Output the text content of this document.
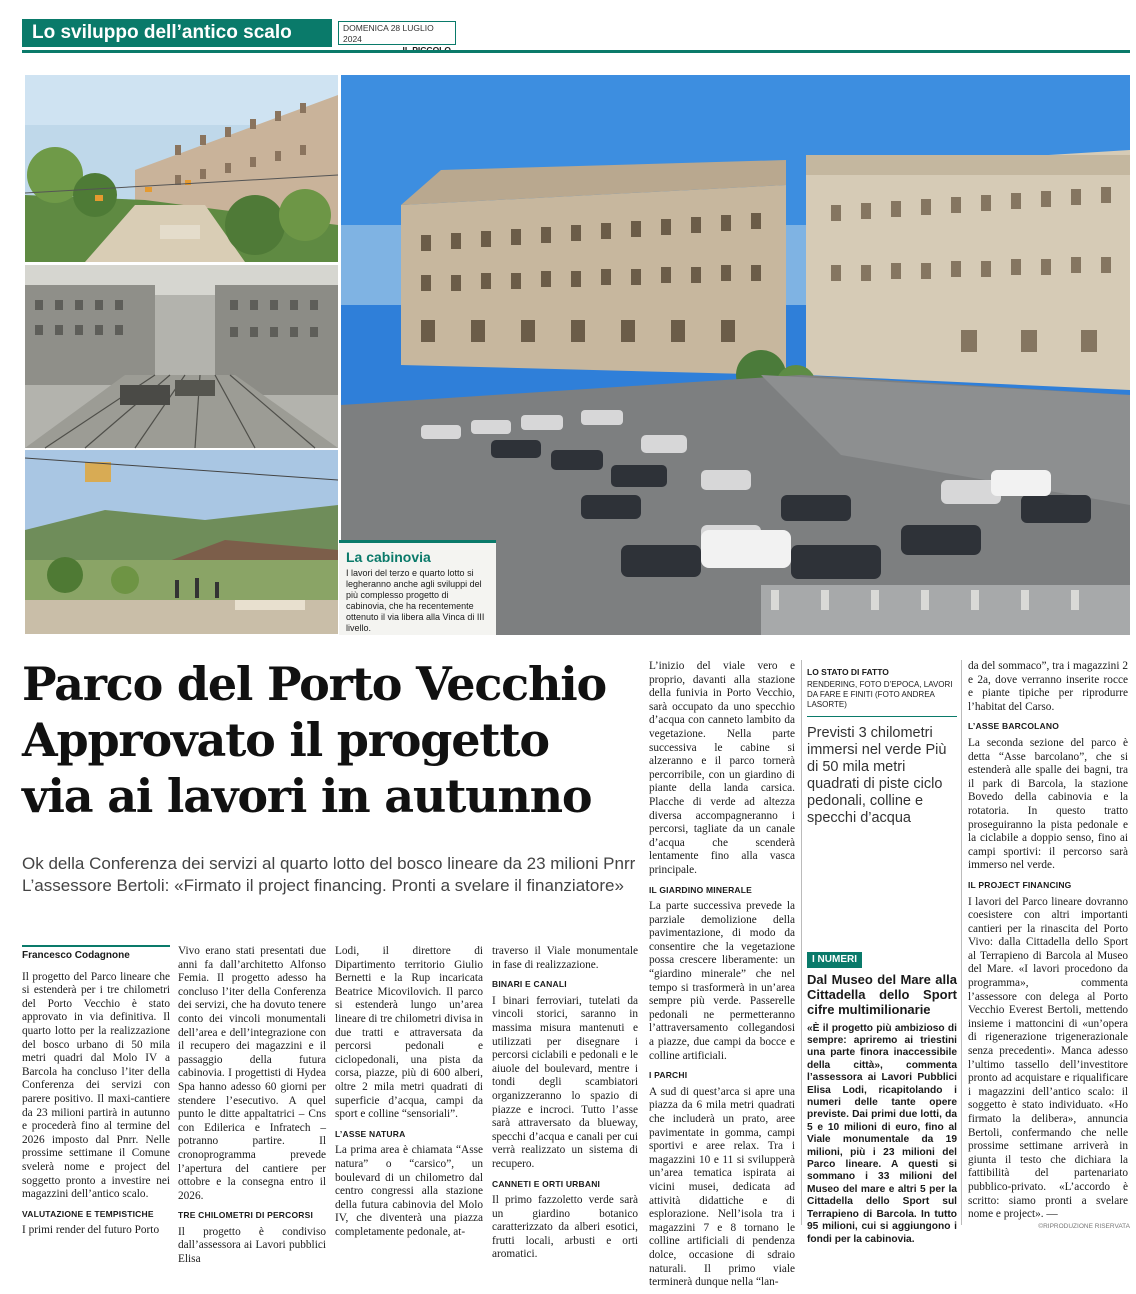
Lo sviluppo dell’antico scalo	DOMENICA 28 LUGLIO 2024
La cabinovia
I lavori del terzo e quarto lotto si legheranno anche agli sviluppi del più complesso progetto di cabinovia, che ha recentemente ottenuto il via libera alla Vinca di III livello.
Parco del Porto Vecchio
Approvato il progetto
via ai lavori in autunno
Ok della Conferenza dei servizi al quarto lotto del bosco lineare da 23 milioni Pnrr
L’assessore Bertoli: «Firmato il project financing. Pronti a svelare il finanziatore»
Francesco Codagnone

Il progetto del Parco lineare che si estenderà per i tre chilometri del Porto Vecchio è stato approvato in via definitiva. Il quarto lotto per la realizzazione del bosco urbano di 50 mila metri quadri dal Molo IV a Barcola ha concluso l’iter della Conferenza dei servizi con parere positivo. Il maxi-cantiere da 23 milioni partirà in autunno e procederà fino al termine del 2026 imposto dal Pnrr. Nelle prossime settimane il Comune svelerà nome e project del soggetto pronto a investire nei magazzini dell’antico scalo.

VALUTAZIONE E TEMPISTICHE

I primi render del futuro Porto

Vivo erano stati presentati due anni fa dall’architetto Alfonso Femia. Il progetto adesso ha concluso l’iter della Conferenza dei servizi, che ha dovuto tenere conto dei vincoli monumentali dell’area e dell’integrazione con il recupero dei magazzini e il passaggio della futura cabinovia. I progettisti di Hydea Spa hanno adesso 60 giorni per stendere l’esecutivo. A quel punto le ditte appaltatrici – Cns con Edilerica e Infratech – potranno partire. Il cronoprogramma prevede l’apertura del cantiere per ottobre e la consegna entro il 2026.

TRE CHILOMETRI DI PERCORSI

Il progetto è condiviso dall’assessora ai Lavori pubblici Elisa

Lodi, il direttore di Dipartimento territorio Giulio Bernetti e la Rup incaricata Beatrice Micovilovich. Il parco si estenderà lungo un’area lineare di tre chilometri divisa in due tratti e attraversata da percorsi pedonali e ciclopedonali, una pista da corsa, piazze, più di 600 alberi, oltre 2 mila metri quadrati di superficie d’acqua, campi da sport e colline “sensoriali”.

L’ASSE NATURA

La prima area è chiamata “Asse natura” o “carsico”, un boulevard di un chilometro dal centro congressi alla stazione della futura cabinovia del Molo IV, che diventerà una piazza completamente pedonale, at-

traverso il Viale monumentale in fase di realizzazione.

BINARI E CANALI

I binari ferroviari, tutelati da vincoli storici, saranno in massima misura mantenuti e utilizzati per disegnare i percorsi ciclabili e pedonali e le aiuole del boulevard, mentre i tondi degli scambiatori organizzeranno lo spazio di piazze e incroci. Tutto l’asse sarà attraversato da blueway, specchi d’acqua e canali per cui verrà realizzato un sistema di recupero.

CANNETI E ORTI URBANI

Il primo fazzoletto verde sarà un giardino botanico caratterizzato da alberi esotici, frutti locali, arbusti e orti aromatici.

L’inizio del viale vero e proprio, davanti alla stazione della funivia in Porto Vecchio, sarà occupato da uno specchio d’acqua con canneto lambito da vegetazione. Nella parte successiva le cabine si alzeranno e il parco tornerà percorribile, con un giardino di piante della landa carsica. Placche di verde ad altezza diversa accompagneranno i percorsi, tagliate da un canale d’acqua che scenderà lentamente fino alla vasca principale.

IL GIARDINO MINERALE

La parte successiva prevede la parziale demolizione della pavimentazione, di modo da consentire che la vegetazione possa crescere liberamente: un “giardino minerale” che nel tempo si trasformerà in un’area sempre più verde. Passerelle pedonali ne permetteranno l’attraversamento collegandosi a piazze, due campi da bocce e colline artificiali.

I PARCHI

A sud di quest’arca si apre una piazza da 6 mila metri quadrati che includerà un prato, aree pavimentate in gomma, campi sportivi e aree relax. Tra i magazzini 10 e 11 si svilupperà un’area tematica ispirata ai vicini musei, dedicata ad attività didattiche e di esplorazione. Nell’isola tra i magazzini 7 e 8 tornano le colline artificiali di pendenza dolce, occasione di sdraio naturali. Il primo viale terminerà dunque nella “lan-

LO STATO DI FATTO
RENDERING, FOTO D’EPOCA, LAVORI DA FARE E FINITI (FOTO ANDREA LASORTE)
Previsti 3 chilometri immersi nel verde Più di 50 mila metri quadrati di piste ciclo pedonali, colline e specchi d’acqua
I NUMERI
Dal Museo del Mare alla Cittadella dello Sport cifre multimilionarie
«È il progetto più ambizioso di sempre: apriremo ai triestini una parte finora inaccessibile della città», commenta l’assessora ai Lavori Pubblici Elisa Lodi, ricapitolando i numeri delle tante opere previste. Dai primi due lotti, da 5 e 10 milioni di euro, fino al Viale monumentale da 19 milioni, più i 23 milioni del Parco lineare. A questi si sommano i 33 milioni del Museo del mare e altri 5 per la Cittadella dello Sport sul Terrapieno di Barcola. In tutto 95 milioni, cui si aggiungono i fondi per la cabinovia.

da del sommaco”, tra i magazzini 2 e 2a, dove verranno inserite rocce e piante tipiche per riprodurre l’habitat del Carso.

L’ASSE BARCOLANO

La seconda sezione del parco è detta “Asse barcolano”, che si estenderà alle spalle dei bagni, tra il park di Barcola, la stazione Bovedo della cabinovia e la rotatoria. In questo tratto proseguiranno la pista pedonale e la ciclabile a doppio senso, fino ai campi sportivi: il percorso sarà immerso nel verde.

IL PROJECT FINANCING

I lavori del Parco lineare dovranno coesistere con altri importanti cantieri per la rinascita del Porto Vivo: dalla Cittadella dello Sport al Terrapieno di Barcola al Museo del Mare. «I lavori procedono da programma», commenta l’assessore con delega al Porto Vecchio Everest Bertoli, mettendo insieme i mattoncini di «un’opera di rigenerazione trigenerazionale senza precedenti». Manca adesso l’ultimo tassello dell’investitore pronto ad acquistare e riqualificare i magazzini dell’antico scalo: il soggetto è stato individuato. «Ho firmato la delibera», annuncia Bertoli, confermando che nelle prossime settimane arriverà in giunta il testo che dichiara la fattibilità del partenariato pubblico-privato. «L’accordo è scritto: siamo pronti a svelare nome e project». —

©RIPRODUZIONE RISERVATA
